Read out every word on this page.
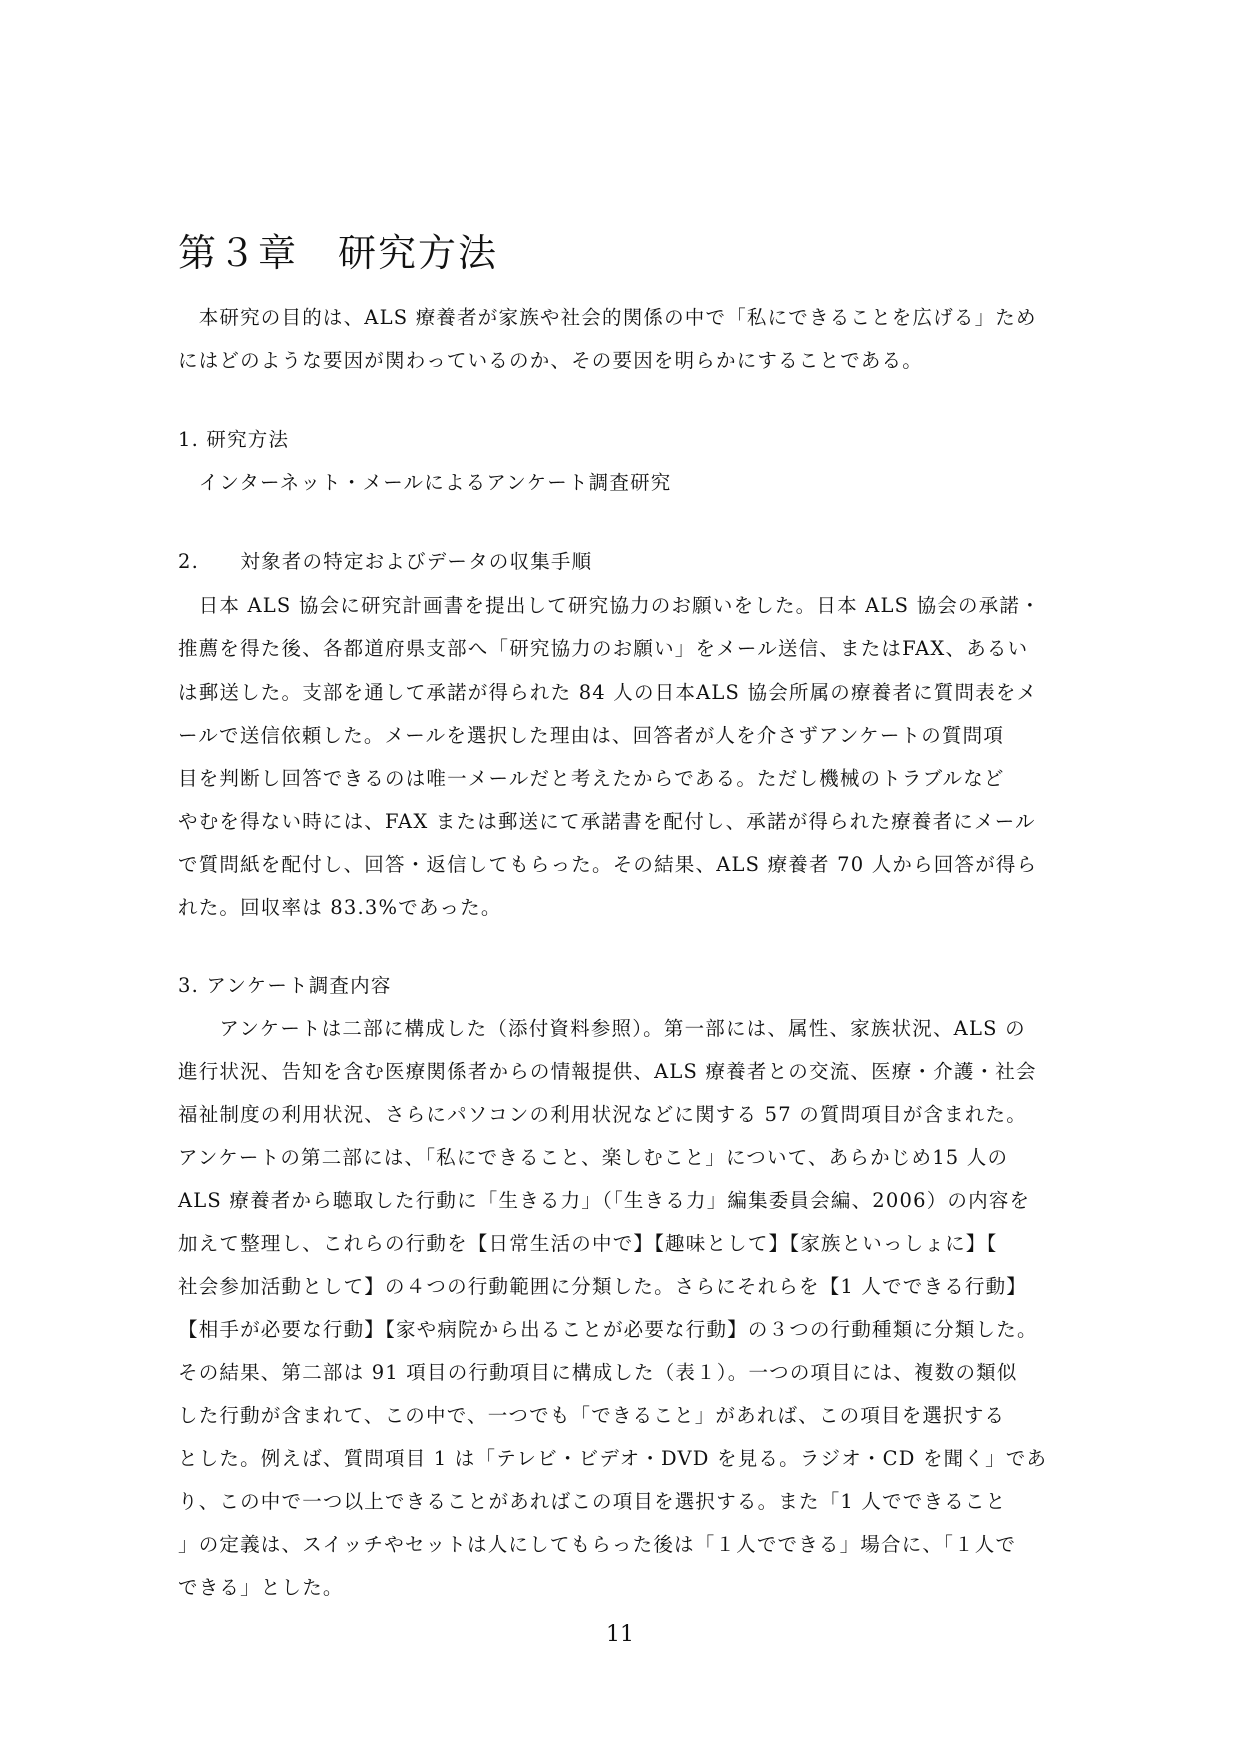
第３章　研究方法
　本研究の目的は、ALS 療養者が家族や社会的関係の中で「私にできることを広げる」ため
にはどのような要因が関わっているのか、その要因を明らかにすることである。
1. 研究方法
　インターネット・メールによるアンケート調査研究
2.　　対象者の特定およびデータの収集手順
　日本 ALS 協会に研究計画書を提出して研究協力のお願いをした。日本 ALS 協会の承諾・
推薦を得た後、各都道府県支部へ「研究協力のお願い」をメール送信、またはFAX、あるい
は郵送した。支部を通して承諾が得られた 84 人の日本ALS 協会所属の療養者に質問表をメ
ールで送信依頼した。メールを選択した理由は、回答者が人を介さずアンケートの質問項
目を判断し回答できるのは唯一メールだと考えたからである。ただし機械のトラブルなど
やむを得ない時には、FAX または郵送にて承諾書を配付し、承諾が得られた療養者にメール
で質問紙を配付し、回答・返信してもらった。その結果、ALS 療養者 70 人から回答が得ら
れた。回収率は 83.3%であった。
3. アンケート調査内容
　　アンケートは二部に構成した（添付資料参照）。第一部には、属性、家族状況、ALS の
進行状況、告知を含む医療関係者からの情報提供、ALS 療養者との交流、医療・介護・社会
福祉制度の利用状況、さらにパソコンの利用状況などに関する 57 の質問項目が含まれた。
アンケートの第二部には、「私にできること、楽しむこと」について、あらかじめ15 人の
ALS 療養者から聴取した行動に「生きる力」（「生きる力」編集委員会編、2006）の内容を
加えて整理し、これらの行動を【日常生活の中で】【趣味として】【家族といっしょに】【
社会参加活動として】の４つの行動範囲に分類した。さらにそれらを【1 人でできる行動】
【相手が必要な行動】【家や病院から出ることが必要な行動】の３つの行動種類に分類した。
その結果、第二部は 91 項目の行動項目に構成した（表１）。一つの項目には、複数の類似
した行動が含まれて、この中で、一つでも「できること」があれば、この項目を選択する
とした。例えば、質問項目 1 は「テレビ・ビデオ・DVD を見る。ラジオ・CD を聞く」であ
り、この中で一つ以上できることがあればこの項目を選択する。また「1 人でできること
」の定義は、スイッチやセットは人にしてもらった後は「１人でできる」場合に、「１人で
できる」とした。
11
